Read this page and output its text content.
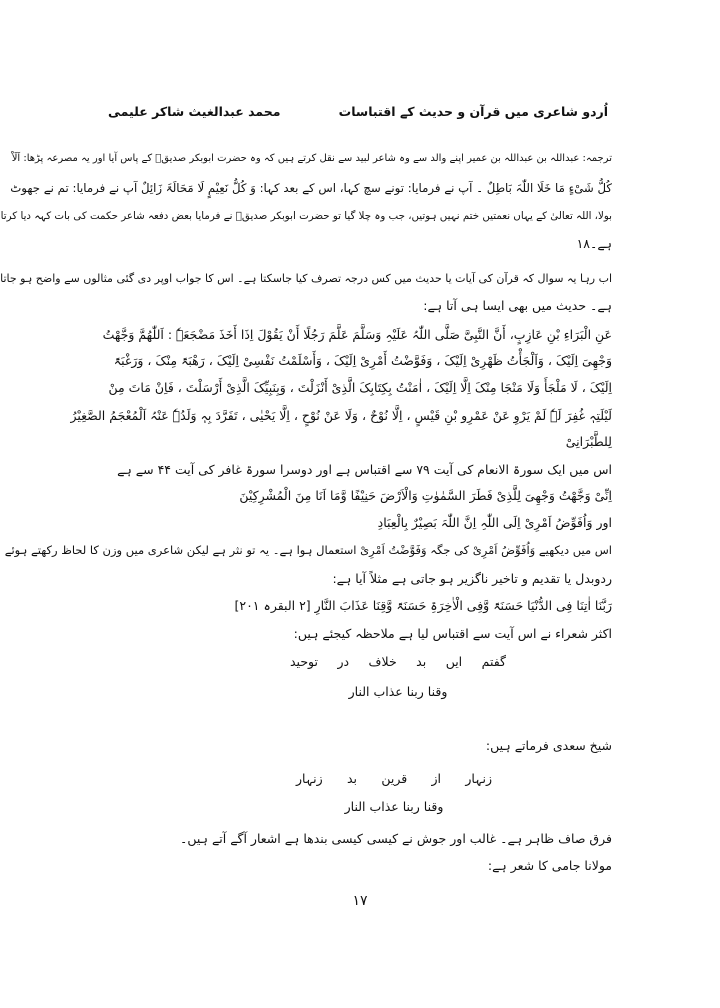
اُردو شاعری میں قرآن و حدیث کے اقتباسات
محمد عبدالغیث شاکر علیمی
ترجمہ: عبداللہ بن عبداللہ بن عمیر اپنے والد سے وہ شاعر لبید سے نقل کرتے ہیں کہ وہ حضرت ابوبکر صدیقؓ کے پاس آیا اور یہ مصرعہ پڑھا: اَلَاْ
کُلُّ شَیْءٍ مَا خَلَا اللّٰہَ بَاطِلٌ ۔ آپ نے فرمایا: تونے سچ کہا، اس کے بعد کہا: وَ کُلُّ نَعِیْمٍ لَا مَحَالَۃَ زَائِلٌ آپ نے فرمایا: تم نے جھوٹ
بولا، اللہ تعالیٰ کے یہاں نعمتیں ختم نہیں ہوتیں، جب وہ چلا گیا تو حضرت ابوبکر صدیقؓ نے فرمایا بعض دفعہ شاعر حکمت کی بات کہہ دیا کرتا
ہے۔۱۸
اب رہا یہ سوال کہ قرآن کی آیات یا حدیث میں کس درجہ تصرف کیا جاسکتا ہے۔ اس کا جواب اوپر دی گئی مثالوں سے واضح ہو جاتا
ہے۔ حدیث میں بھی ایسا ہی آتا ہے:
عَنِ الْبَرَاءِ بْنِ عَازِبٍ، أَنَّ النَّبِیَّ صَلَّی اللّٰہُ عَلَیْہِ وَسَلَّمَ عَلَّمَ رَجُلًا أَنْ یَقُوْلَ اِذَا أَخَذَ مَضْجَعَہٗ : اَللّٰھُمَّ وَجَّھْتُ
وَجْھِیَ اِلَیْکَ ، وَاَلْجَأْتُ ظَھْرِیْ اِلَیْکَ ، وَفَوَّضْتُ أَمْرِیْ اِلَیْکَ ، وَأَسْلَمْتُ نَفْسِیْ اِلَیْکَ ، رَھْبَۃً مِنْکَ ، وَرَغْبَۃً
اِلَیْکَ ، لَا مَلْجَأَ وَلَا مَنْجَا مِنْکَ اِلَّا اِلَیْکَ ، اٰمَنْتُ بِکِتَابِکَ الَّذِیْ أَنْزَلْتَ ، وَبِنَبِیِّکَ الَّذِیْ أَرْسَلْتَ ، فَاِنْ مَاتَ مِنْ
لَیْلَتِہٖ غُفِرَ لَہٗ لَمْ یَرْوِ عَنْ عَمْرِو بْنِ قَیْسٍ ، اِلَّا نُوْحٌ ، وَلَا عَنْ نُوْحٍ ، اِلَّا یَحْیٰی ، تَفَرَّدَ بِہٖ وَلَدُہٗ عَنْہُ اَلْمُعْجَمُ الصَّغِیْرُ
لِلطَّبْرَانِیْ
اس میں ایک سورۃ الانعام کی آیت ۷۹ سے اقتباس ہے اور دوسرا سورۃ غافر کی آیت ۴۴ سے ہے
اِنِّیْ وَجَّھْتُ وَجْھِیَ لِلَّذِیْ فَطَرَ السَّمٰوٰتِ وَالْاَرْضَ حَنِیْفًا وَّمَا اَنَا مِنَ الْمُشْرِکِیْنَ
اور وَاُفَوِّضُ اَمْرِیْ اِلَی اللّٰہِ اِنَّ اللّٰہَ بَصِیْرٌ بِالْعِبَادِ
اس میں دیکھیے وَاُفَوِّضُ اَمْرِیْ کی جگہ وَفَوَّضْتُ اَمْرِیْ استعمال ہوا ہے۔ یہ تو نثر ہے لیکن شاعری میں وزن کا لحاظ رکھتے ہوئے
ردوبدل یا تقدیم و تاخیر ناگزیر ہو جاتی ہے مثلاً آیا ہے:
رَبَّنَا اٰتِنَا فِی الدُّنْیَا حَسَنَۃً وَّفِی الْاٰخِرَۃِ حَسَنَۃً وَّقِنَا عَذَابَ النَّارِ [۲ البقرہ ۲۰۱]
اکثر شعراء نے اس آیت سے اقتباس لیا ہے ملاحظہ کیجئے ہیں:
گفتم
ایں
بد
خلاف
در
توحید
وقنا ربنا عذاب النار
شیخ سعدی فرماتے ہیں:
زنہار
از
قرین
بد
زنہار
وقنا ربنا عذاب النار
فرق صاف ظاہر ہے۔ غالب اور جوش نے کیسی کیسی بندھا ہے اشعار آگے آتے ہیں۔
مولانا جامی کا شعر ہے:
۱۷
